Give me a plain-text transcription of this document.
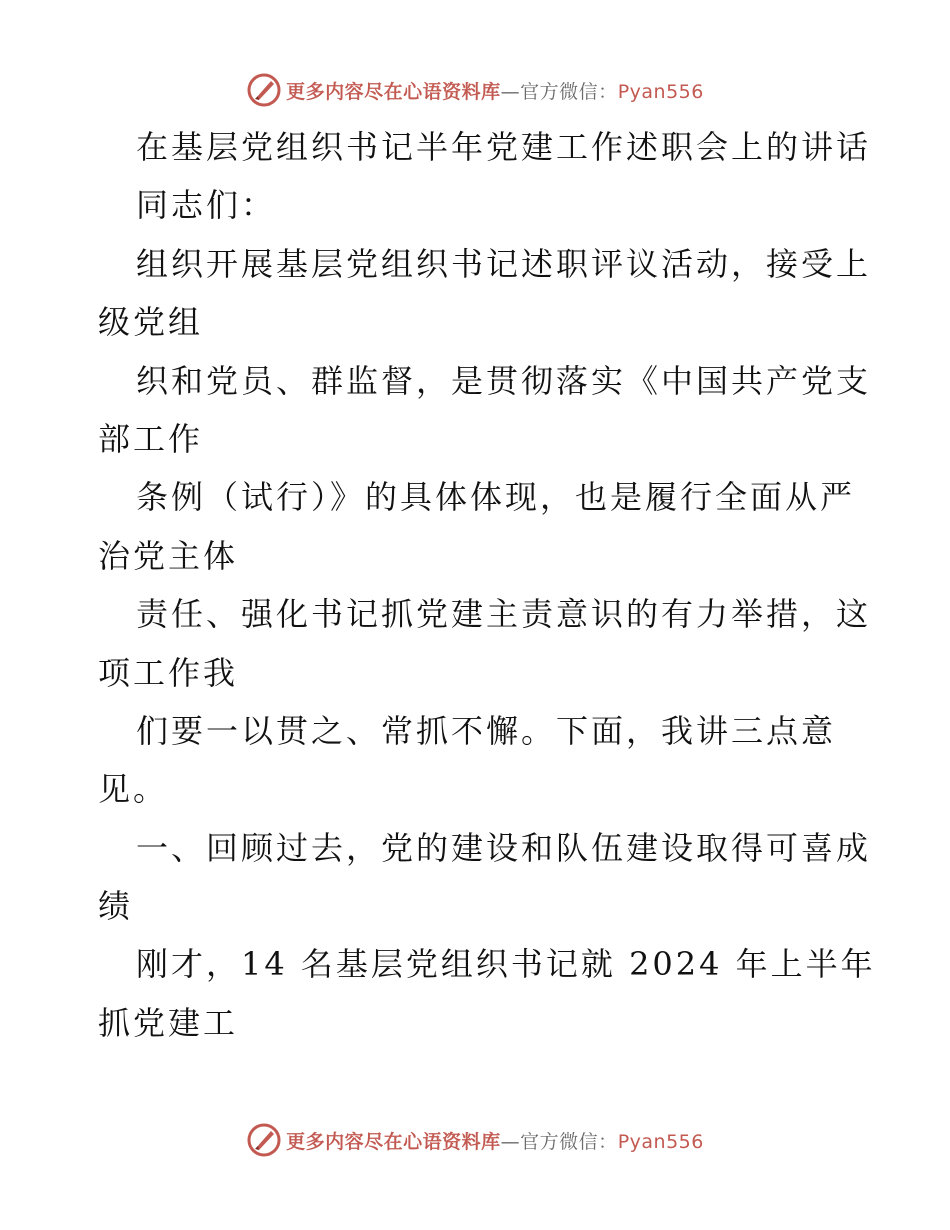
更多内容尽在心语资料库—官方微信：Pyan556
在基层党组织书记半年党建工作述职会上的讲话
同志们：
组织开展基层党组织书记述职评议活动，接受上
级党组
织和党员、群监督，是贯彻落实《中国共产党支
部工作
条例（试行）》的具体体现，也是履行全面从严
治党主体
责任、强化书记抓党建主责意识的有力举措，这
项工作我
们要一以贯之、常抓不懈。下面，我讲三点意
见。
一、回顾过去，党的建设和队伍建设取得可喜成
绩
刚才，14 名基层党组织书记就 2024 年上半年
抓党建工
更多内容尽在心语资料库—官方微信：Pyan556
